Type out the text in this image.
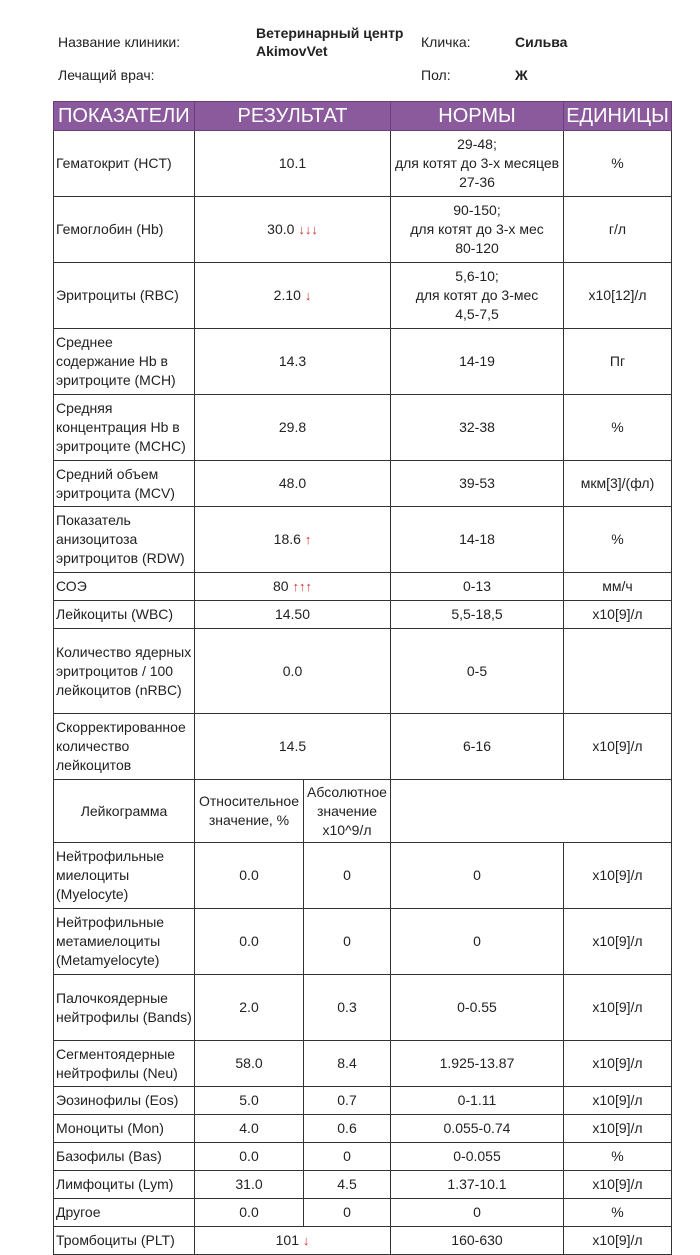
Название клиники:
Ветеринарный центр
AkimovVet
Кличка:	Сильва
Лечащий врач:	Пол:	Ж
ПОКАЗАТЕЛИ	РЕЗУЛЬТАТ		НОРМЫ	ЕДИНИЦЫ
Гематокрит (HCT)	10.1		29-48;
для котят до 3-х месяцев
27-36	%
Гемоглобин (Hb)	30.0 ↓↓↓		90-150;
для котят до 3-х мес
80-120	г/л
Эритроциты (RBC)	2.10 ↓		5,6-10;
для котят до 3-мес
4,5-7,5	x10[12]/л
Среднее содержание Hb в эритроците (MCH)	14.3		14-19	Пг
Средняя концентрация Hb в эритроците (MCHC)	29.8		32-38	%
Средний объем эритроцита (MCV)	48.0		39-53	мкм[3]/(фл)
Показатель анизоцитоза эритроцитов (RDW)	18.6 ↑		14-18	%
СОЭ	80 ↑↑↑		0-13	мм/ч
Лейкоциты (WBC)	14.50		5,5-18,5	x10[9]/л
Количество ядерных эритроцитов / 100 лейкоцитов (nRBC)	0.0		0-5	

Скорректированное количество лейкоцитов	14.5		6-16	x10[9]/л
Лейкограмма	Относительное значение, %	Абсолютное значение x10^9/л		
Нейтрофильные миелоциты (Myelocyte)	0.0	0	0	x10[9]/л
Нейтрофильные метамиелоциты (Metamyelocyte)	0.0	0	0	x10[9]/л
Палочкоядерные нейтрофилы (Bands)	2.0	0.3	0-0.55	x10[9]/л
Сегментоядерные нейтрофилы (Neu)	58.0	8.4	1.925-13.87	x10[9]/л
Эозинофилы (Eos)	5.0	0.7	0-1.11	x10[9]/л
Моноциты (Mon)	4.0	0.6	0.055-0.74	x10[9]/л
Базофилы (Bas)	0.0	0	0-0.055	%
Лимфоциты (Lym)	31.0	4.5	1.37-10.1	x10[9]/л
Другое	0.0	0	0	%
Тромбоциты (PLT)	101 ↓		160-630	x10[9]/л
